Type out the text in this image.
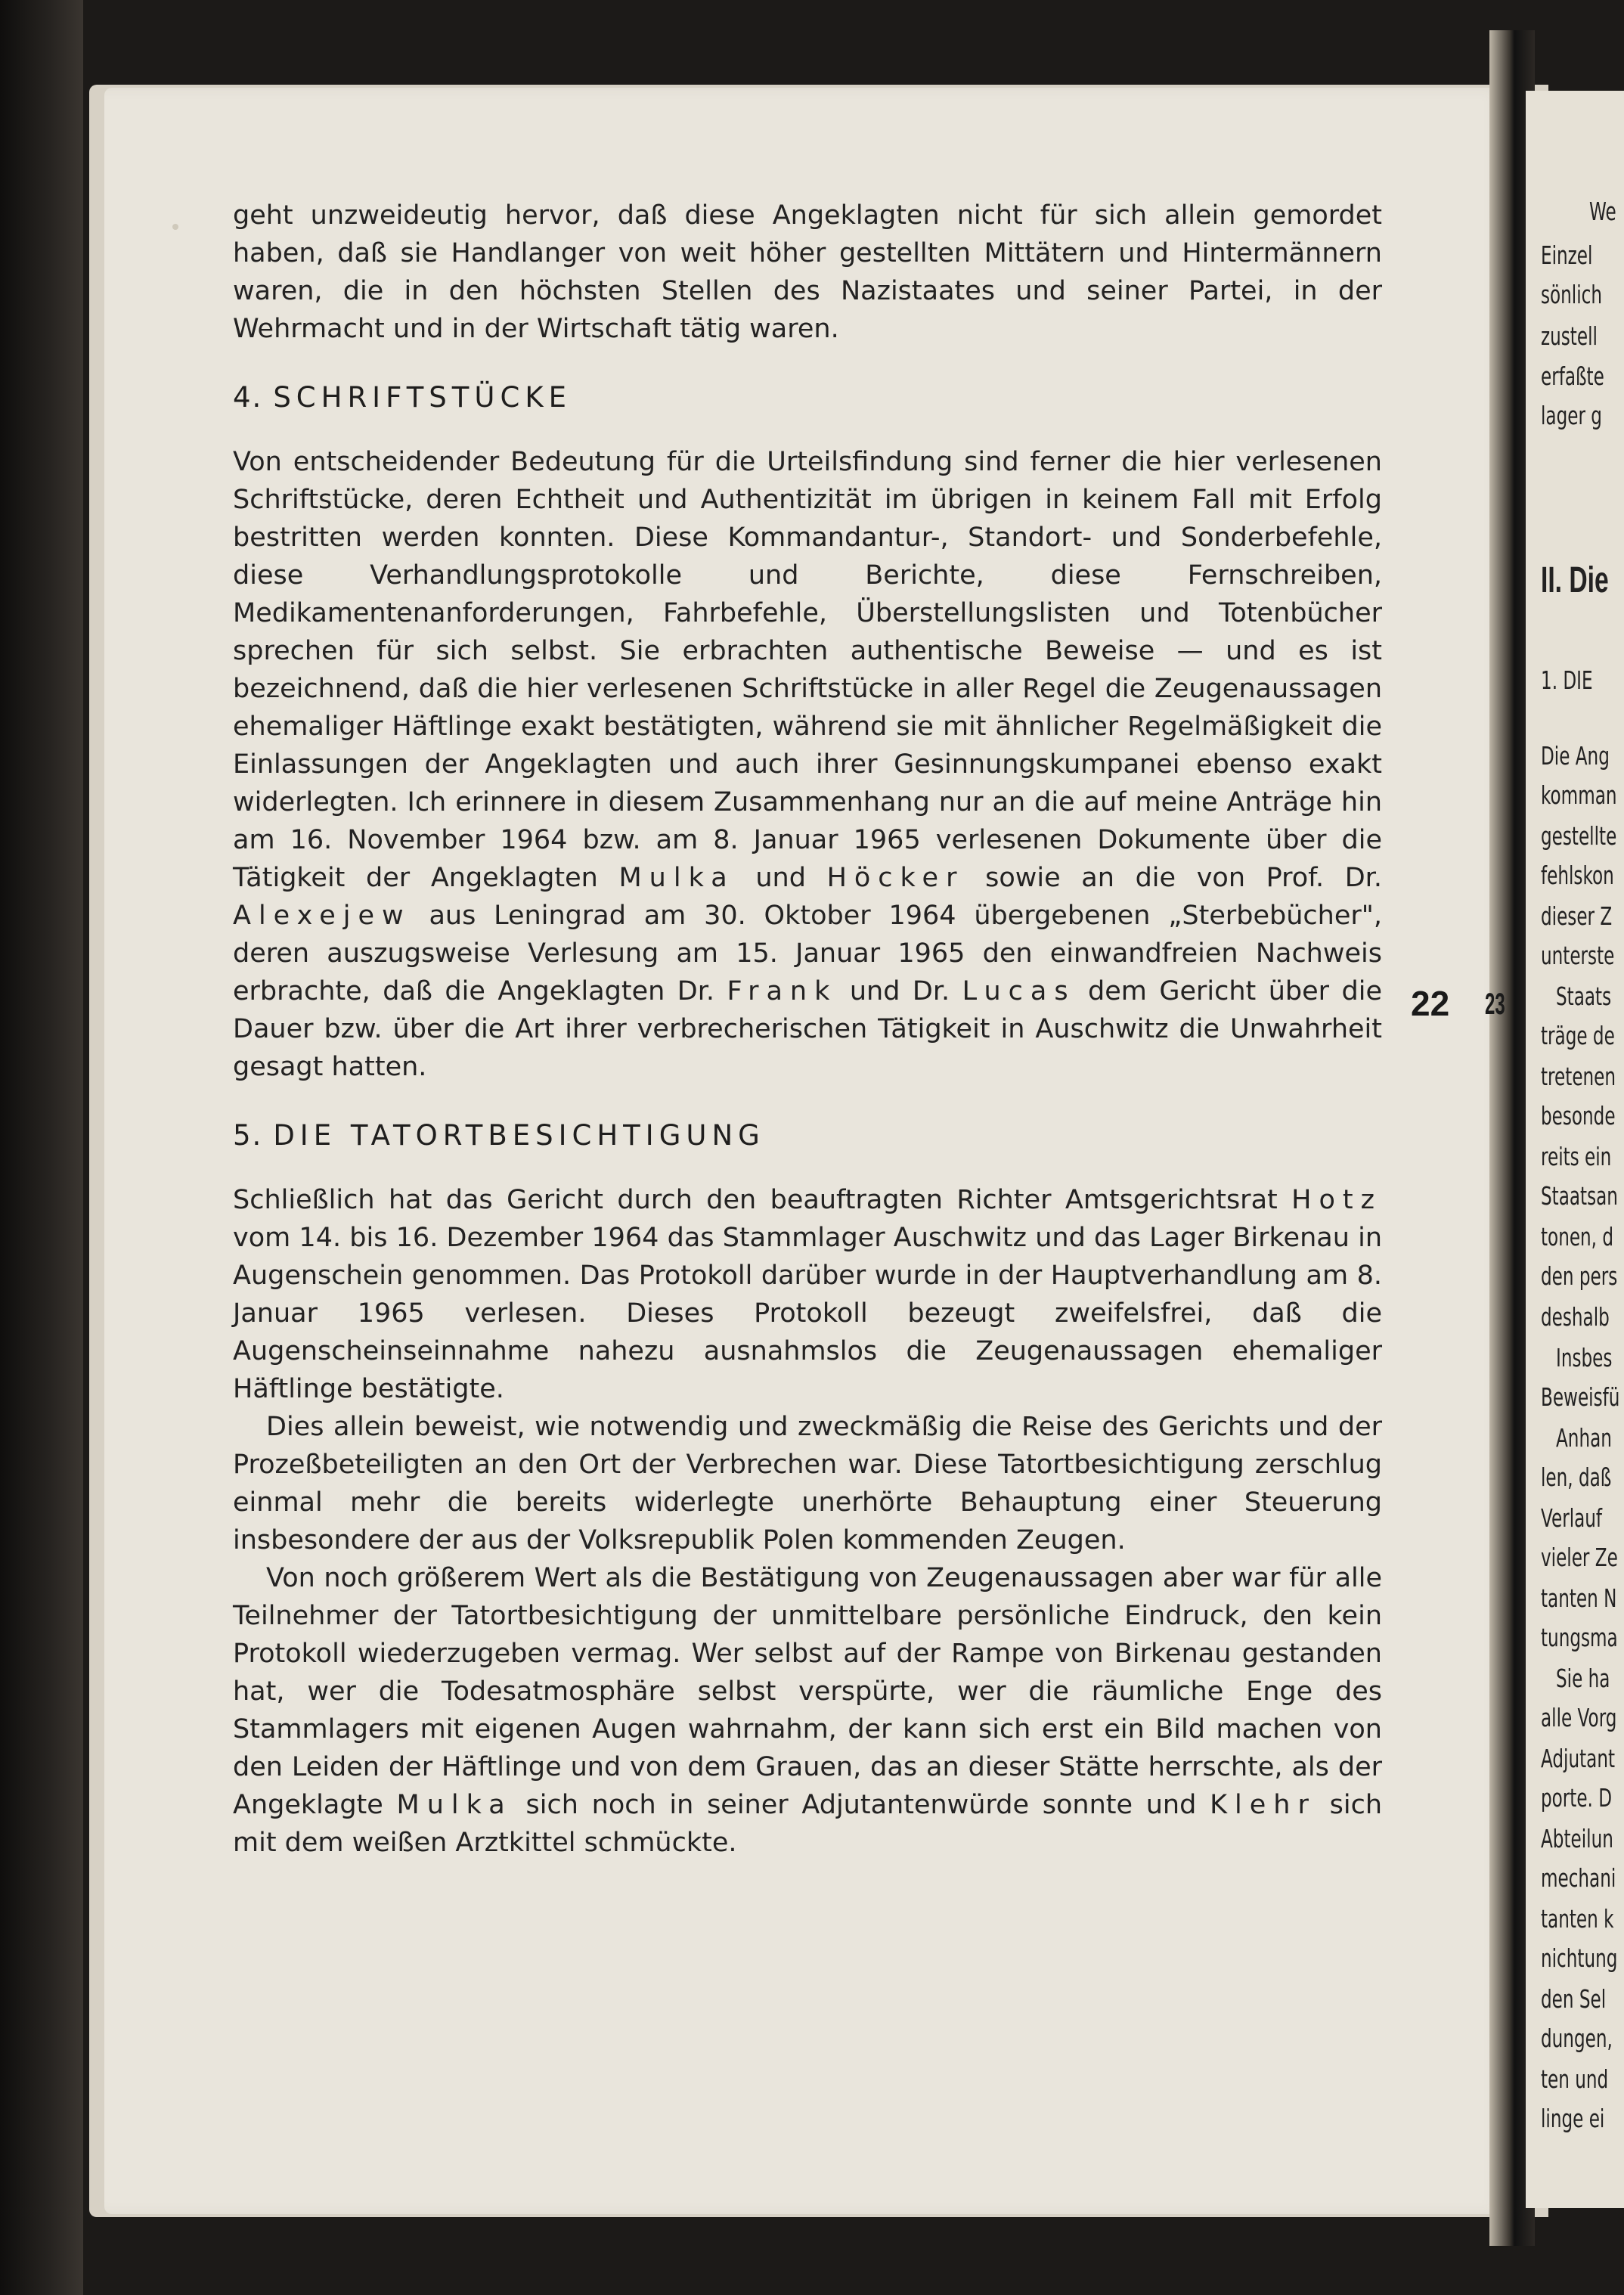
geht unzweideutig hervor, daß diese Angeklagten nicht für sich allein gemordet haben, daß sie Handlanger von weit höher gestellten Mittätern und Hintermännern waren, die in den höchsten Stellen des Nazistaates und seiner Partei, in der Wehrmacht und in der Wirtschaft tätig waren.

4. SCHRIFTSTÜCKE

Von entscheidender Bedeutung für die Urteilsfindung sind ferner die hier verlesenen Schriftstücke, deren Echtheit und Authentizität im übrigen in keinem Fall mit Erfolg bestritten werden konnten. Diese Kommandantur-, Standort- und Sonderbefehle, diese Verhandlungsprotokolle und Berichte, diese Fernschreiben, Medikamentenanforderungen, Fahrbefehle, Überstellungslisten und Totenbücher sprechen für sich selbst. Sie erbrachten authentische Beweise — und es ist bezeichnend, daß die hier verlesenen Schriftstücke in aller Regel die Zeugenaussagen ehemaliger Häftlinge exakt bestätigten, während sie mit ähnlicher Regelmäßigkeit die Einlassungen der Angeklagten und auch ihrer Gesinnungskumpanei ebenso exakt widerlegten. Ich erinnere in diesem Zusammenhang nur an die auf meine Anträge hin am 16. November 1964 bzw. am 8. Januar 1965 verlesenen Dokumente über die Tätigkeit der Angeklagten Mulka und Höcker sowie an die von Prof. Dr. Alexejew aus Leningrad am 30. Oktober 1964 übergebenen „Sterbebücher", deren auszugsweise Verlesung am 15. Januar 1965 den einwandfreien Nachweis erbrachte, daß die Angeklagten Dr. Frank und Dr. Lucas dem Gericht über die Dauer bzw. über die Art ihrer verbrecherischen Tätigkeit in Auschwitz die Unwahrheit gesagt hatten.

5. DIE TATORTBESICHTIGUNG

Schließlich hat das Gericht durch den beauftragten Richter Amtsgerichtsrat Hotz vom 14. bis 16. Dezember 1964 das Stammlager Auschwitz und das Lager Birkenau in Augenschein genommen. Das Protokoll darüber wurde in der Hauptverhandlung am 8. Januar 1965 verlesen. Dieses Protokoll bezeugt zweifelsfrei, daß die Augenscheinseinnahme nahezu ausnahmslos die Zeugenaussagen ehemaliger Häftlinge bestätigte.

Dies allein beweist, wie notwendig und zweckmäßig die Reise des Gerichts und der Prozeßbeteiligten an den Ort der Verbrechen war. Diese Tatortbesichtigung zerschlug einmal mehr die bereits widerlegte unerhörte Behauptung einer Steuerung insbesondere der aus der Volksrepublik Polen kommenden Zeugen.

Von noch größerem Wert als die Bestätigung von Zeugenaussagen aber war für alle Teilnehmer der Tatortbesichtigung der unmittelbare persönliche Eindruck, den kein Protokoll wiederzugeben vermag. Wer selbst auf der Rampe von Birkenau gestanden hat, wer die Todesatmosphäre selbst verspürte, wer die räumliche Enge des Stammlagers mit eigenen Augen wahrnahm, der kann sich erst ein Bild machen von den Leiden der Häftlinge und von dem Grauen, das an dieser Stätte herrschte, als der Angeklagte Mulka sich noch in seiner Adjutantenwürde sonnte und Klehr sich mit dem weißen Arztkittel schmückte.

22
We
Einzel
sönlich
zustell
erfaßte
lager g
II. Die
1. DIE
Die Ang
komman
gestellte
fehlskon
dieser Z
unterste
Staats
träge de
tretenen
besonde
reits ein
Staatsan
tonen, d
den pers
deshalb
Insbes
Beweisfü
Anhan
len, daß
Verlauf
vieler Ze
tanten N
tungsma
Sie ha
alle Vorg
Adjutant
porte. D
Abteilun
mechani
tanten k
nichtung
den Sel
dungen,
ten und
linge ei
23
